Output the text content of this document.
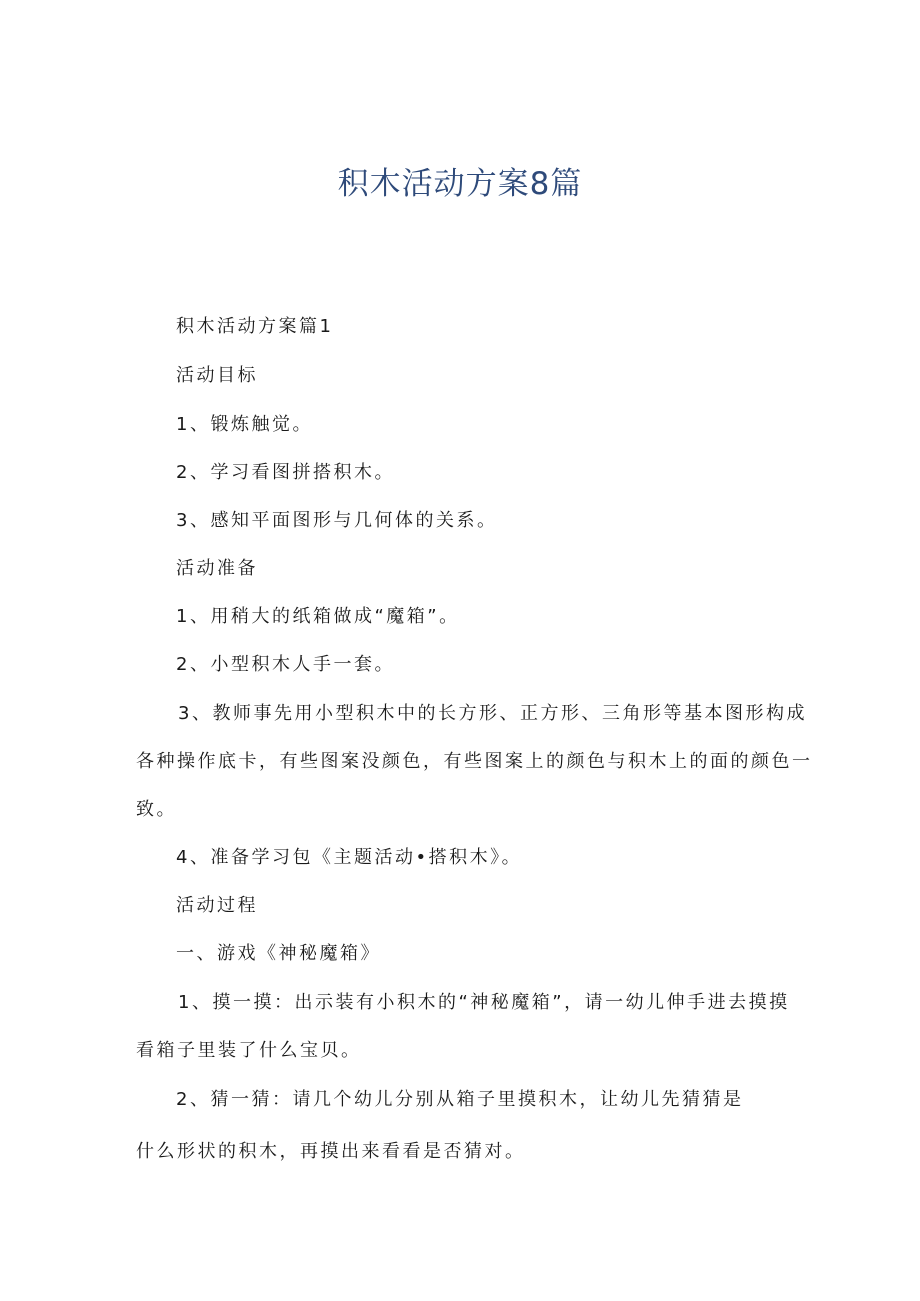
积木活动方案8篇
积木活动方案篇1
活动目标
1、锻炼触觉。
2、学习看图拼搭积木。
3、感知平面图形与几何体的关系。
活动准备
1、用稍大的纸箱做成“魔箱”。
2、小型积木人手一套。
3、教师事先用小型积木中的长方形、正方形、三角形等基本图形构成
各种操作底卡，有些图案没颜色，有些图案上的颜色与积木上的面的颜色一
致。
4、准备学习包《主题活动•搭积木》。
活动过程
一、游戏《神秘魔箱》
1、摸一摸：出示装有小积木的“神秘魔箱”，请一幼儿伸手进去摸摸
看箱子里装了什么宝贝。
2、猜一猜：请几个幼儿分别从箱子里摸积木，让幼儿先猜猜是
什么形状的积木，再摸出来看看是否猜对。
